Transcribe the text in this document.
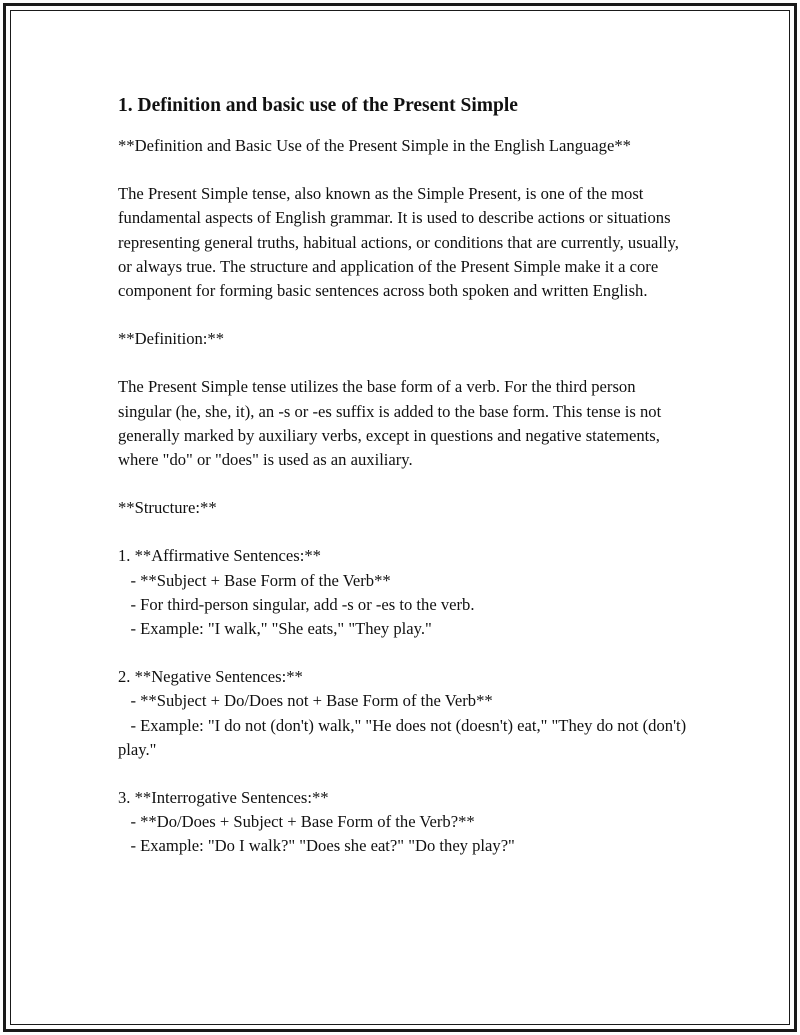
1. Definition and basic use of the Present Simple
**Definition and Basic Use of the Present Simple in the English Language**
The Present Simple tense, also known as the Simple Present, is one of the most fundamental aspects of English grammar. It is used to describe actions or situations representing general truths, habitual actions, or conditions that are currently, usually, or always true. The structure and application of the Present Simple make it a core component for forming basic sentences across both spoken and written English.
**Definition:**
The Present Simple tense utilizes the base form of a verb. For the third person singular (he, she, it), an -s or -es suffix is added to the base form. This tense is not generally marked by auxiliary verbs, except in questions and negative statements, where "do" or "does" is used as an auxiliary.
**Structure:**
1. **Affirmative Sentences:**
- **Subject + Base Form of the Verb**
- For third-person singular, add -s or -es to the verb.
- Example: "I walk," "She eats," "They play."
2. **Negative Sentences:**
- **Subject + Do/Does not + Base Form of the Verb**
- Example: "I do not (don't) walk," "He does not (doesn't) eat," "They do not (don't) play."
3. **Interrogative Sentences:**
- **Do/Does + Subject + Base Form of the Verb?**
- Example: "Do I walk?" "Does she eat?" "Do they play?"
